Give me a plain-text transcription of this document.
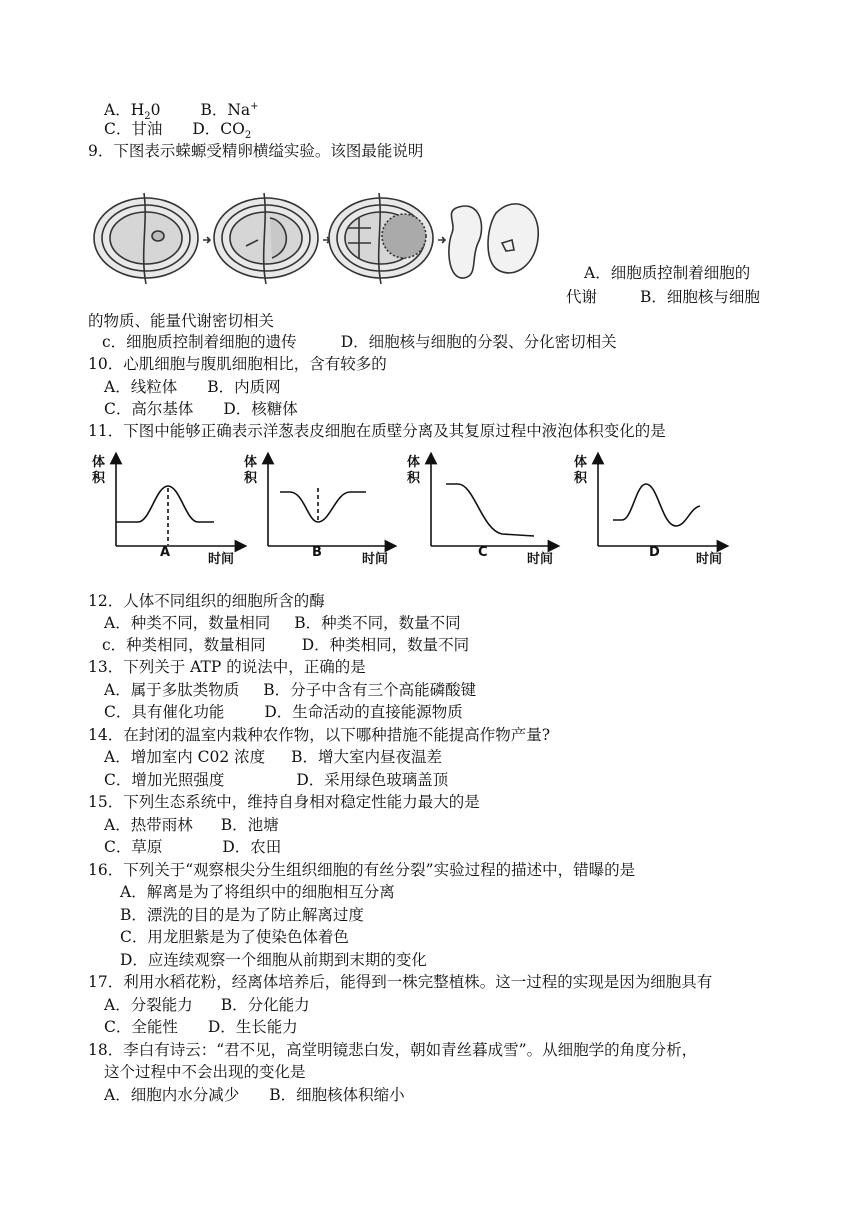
A．$H_20$	B．Na+
C．甘油 D．$CO_2$
9．下图表示蝾螈受精卵横缢实验。该图最能说明
A．细胞质控制着细胞的
代谢	B．细胞核与细胞
的物质、能量代谢密切相关
c．细胞质控制着细胞的遗传	D．细胞核与细胞的分裂、分化密切相关
10．心肌细胞与腹肌细胞相比，含有较多的
A．线粒体 B．内质网
C．高尔基体 D．核糖体
11．下图中能够正确表示洋葱表皮细胞在质壁分离及其复原过程中液泡体积变化的是
体
积
体
积
体
积
体
积
A	B	C	D
时间	时间	时间	时间
12．人体不同组织的细胞所含的酶
A．种类不同，数量相同 B．种类不同，数量不同
c．种类相同，数量相同 D．种类相同，数量不同
13．下列关于 ATP 的说法中，正确的是
A．属于多肽类物质 B．分子中含有三个高能磷酸键
C．具有催化功能	D．生命活动的直接能源物质
14．在封闭的温室内栽种农作物，以下哪种措施不能提高作物产量?
A．增加室内 C02 浓度 B．增大室内昼夜温差
C．增加光照强度	D．采用绿色玻璃盖顶
15．下列生态系统中，维持自身相对稳定性能力最大的是
A．热带雨林 B．池塘
C．草原	D．农田
16．下列关于“观察根尖分生组织细胞的有丝分裂”实验过程的描述中，错曝的是
A．解离是为了将组织中的细胞相互分离
B．漂洗的目的是为了防止解离过度
C．用龙胆紫是为了使染色体着色
D．应连续观察一个细胞从前期到末期的变化
17．利用水稻花粉，经离体培养后，能得到一株完整植株。这一过程的实现是因为细胞具有
A．分裂能力 B．分化能力
C．全能性 D．生长能力
18．李白有诗云：“君不见，高堂明镜悲白发，朝如青丝暮成雪”。从细胞学的角度分析，
这个过程中不会出现的变化是
A．细胞内水分减少 B．细胞核体积缩小
